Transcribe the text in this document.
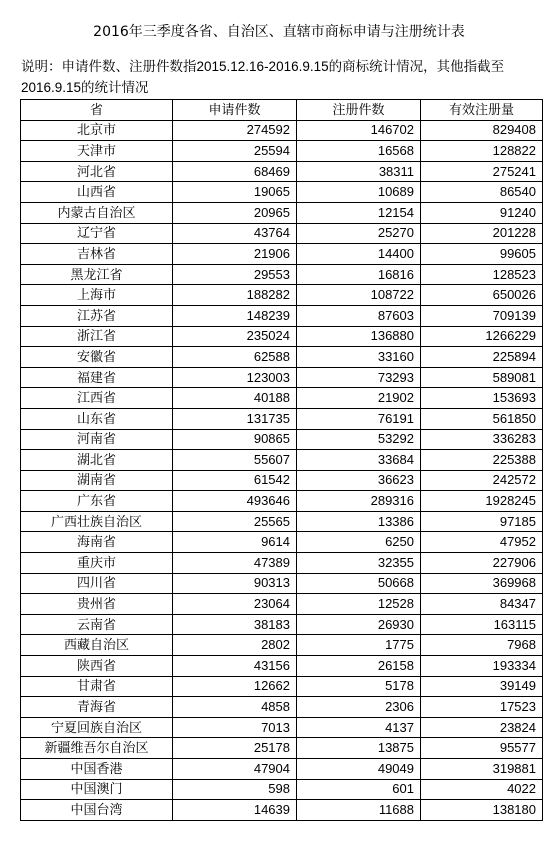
2016年三季度各省、自治区、直辖市商标申请与注册统计表
说明：申请件数、注册件数指2015.12.16-2016.9.15的商标统计情况，其他指截至2016.9.15的统计情况
省	申请件数	注册件数	有效注册量
北京市	274592	146702	829408
天津市	25594	16568	128822
河北省	68469	38311	275241
山西省	19065	10689	86540
内蒙古自治区	20965	12154	91240
辽宁省	43764	25270	201228
吉林省	21906	14400	99605
黑龙江省	29553	16816	128523
上海市	188282	108722	650026
江苏省	148239	87603	709139
浙江省	235024	136880	1266229
安徽省	62588	33160	225894
福建省	123003	73293	589081
江西省	40188	21902	153693
山东省	131735	76191	561850
河南省	90865	53292	336283
湖北省	55607	33684	225388
湖南省	61542	36623	242572
广东省	493646	289316	1928245
广西壮族自治区	25565	13386	97185
海南省	9614	6250	47952
重庆市	47389	32355	227906
四川省	90313	50668	369968
贵州省	23064	12528	84347
云南省	38183	26930	163115
西藏自治区	2802	1775	7968
陕西省	43156	26158	193334
甘肃省	12662	5178	39149
青海省	4858	2306	17523
宁夏回族自治区	7013	4137	23824
新疆维吾尔自治区	25178	13875	95577
中国香港	47904	49049	319881
中国澳门	598	601	4022
中国台湾	14639	11688	138180
